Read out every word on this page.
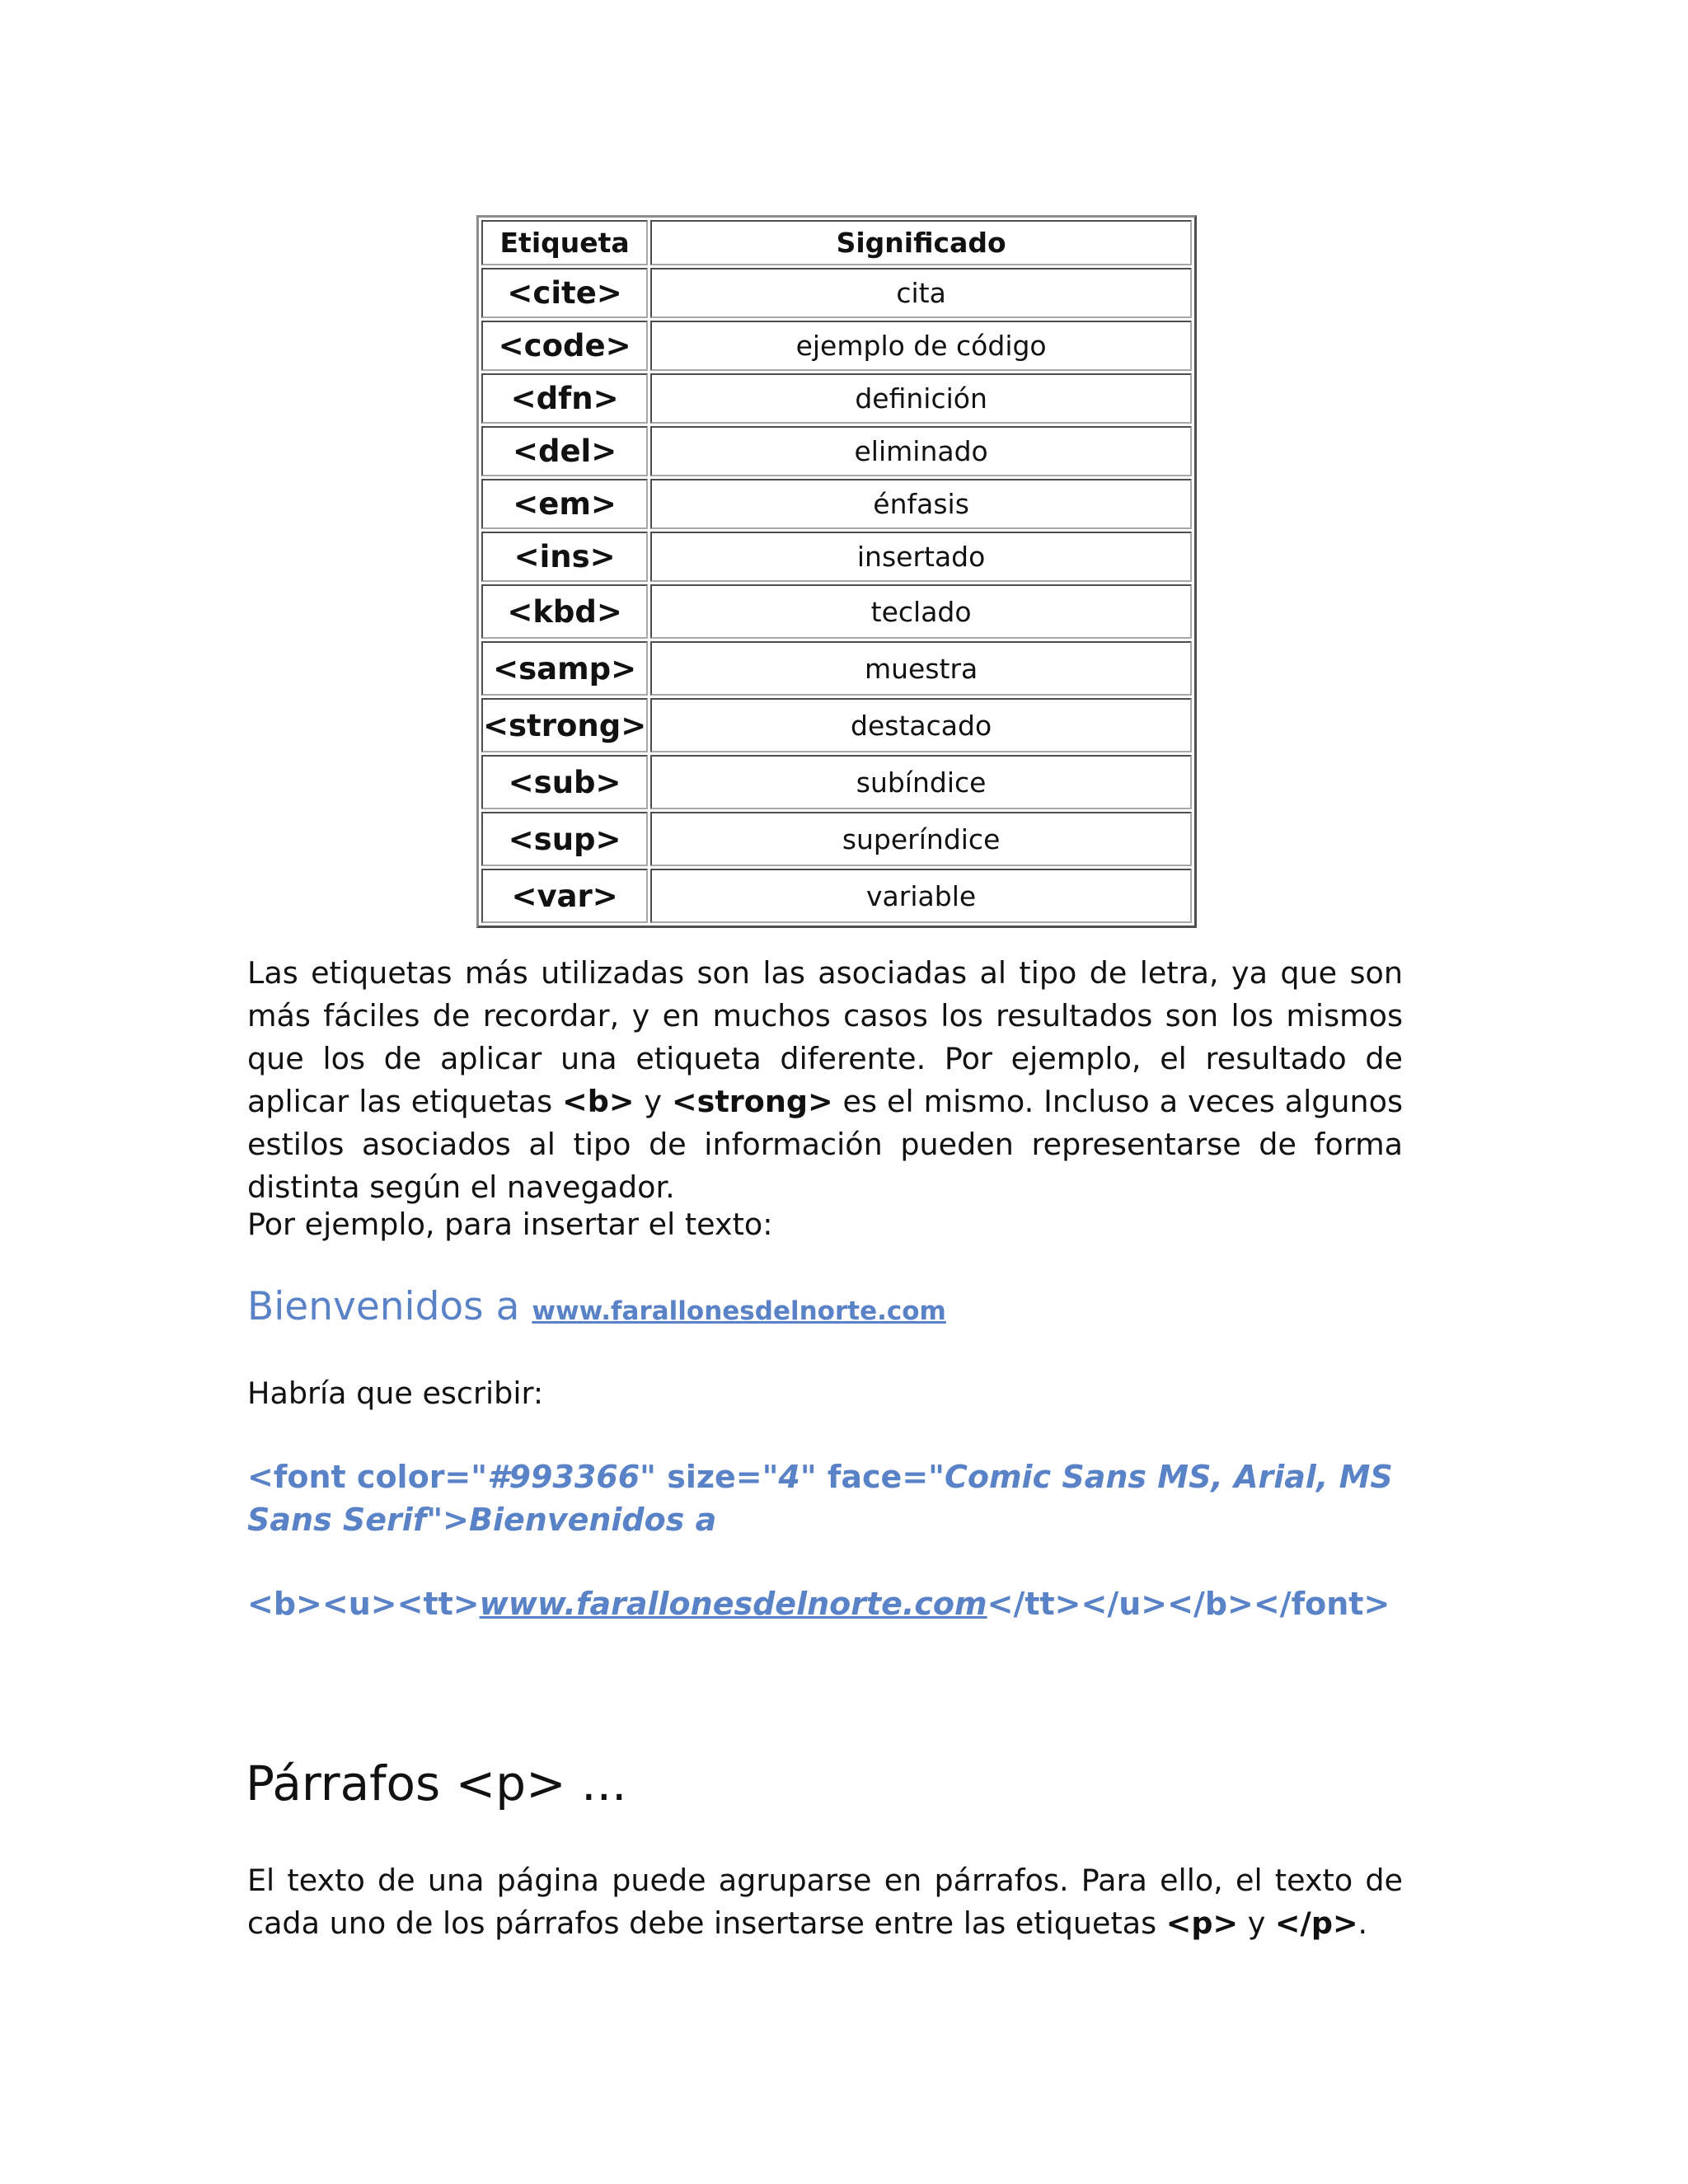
Etiqueta	Significado
<cite>	cita
<code>	ejemplo de código
<dfn>	definición
<del>	eliminado
<em>	énfasis
<ins>	insertado
<kbd>	teclado
<samp>	muestra
<strong>	destacado
<sub>	subíndice
<sup>	superíndice
<var>	variable

Las etiquetas más utilizadas son las asociadas al tipo de letra, ya que son más fáciles de recordar, y en muchos casos los resultados son los mismos que los de aplicar una etiqueta diferente. Por ejemplo, el resultado de aplicar las etiquetas <b> y <strong> es el mismo. Incluso a veces algunos estilos asociados al tipo de información pueden representarse de forma distinta según el navegador.

Por ejemplo, para insertar el texto:

Bienvenidos a www.farallonesdelnorte.com

Habría que escribir:

<font color="#993366" size="4" face="Comic Sans MS, Arial, MS Sans Serif">Bienvenidos a

<b><u><tt>www.farallonesdelnorte.com</tt></u></b></font>

Párrafos <p> ...

El texto de una página puede agruparse en párrafos. Para ello, el texto de cada uno de los párrafos debe insertarse entre las etiquetas <p> y </p>.
